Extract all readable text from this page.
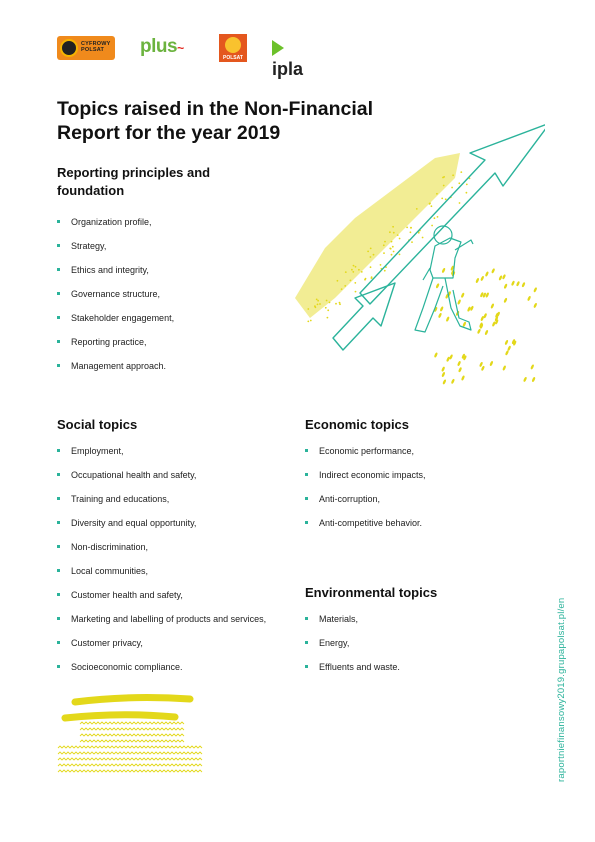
CYFROWY POLSAT	plus~
POLSAT
ipla
Topics raised in the Non-Financial Report for the year 2019
Reporting principles and foundation
Organization profile,
Strategy,
Ethics and integrity,
Governance structure,
Stakeholder engagement,
Reporting practice,
Management approach.
Social topics
Employment,
Occupational health and safety,
Training and educations,
Diversity and equal opportunity,
Non-discrimination,
Local communities,
Customer health and safety,
Marketing and labelling of products and services,
Customer privacy,
Socioeconomic compliance.
Economic topics
Economic performance,
Indirect economic impacts,
Anti-corruption,
Anti-competitive behavior.
Environmental topics
Materials,
Energy,
Effluents and waste.	raportniefinansowy2019.grupapolsat.pl/en
